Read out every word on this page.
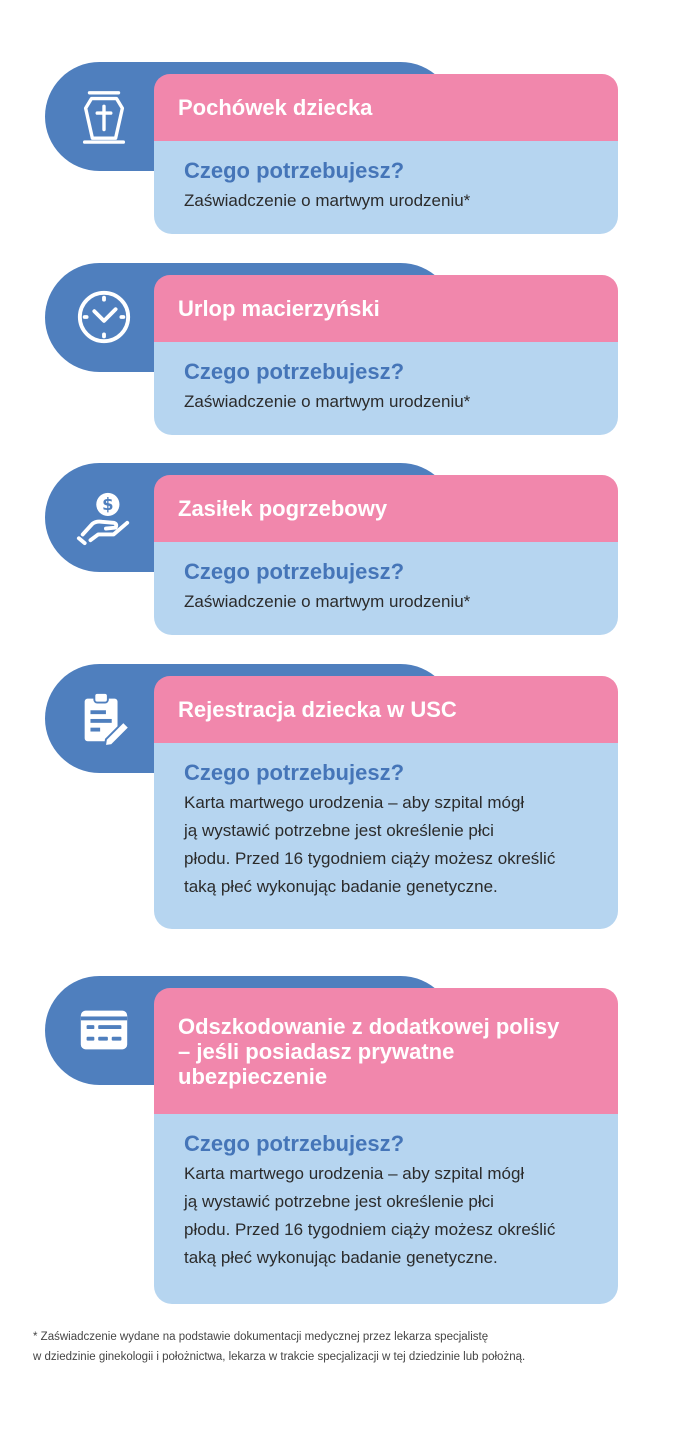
Pochówek dziecka
Czego potrzebujesz?
Zaświadczenie o martwym urodzeniu*
Urlop macierzyński
Czego potrzebujesz?
Zaświadczenie o martwym urodzeniu*
$	Zasiłek pogrzebowy
Czego potrzebujesz?
Zaświadczenie o martwym urodzeniu*
Rejestracja dziecka w USC
Czego potrzebujesz?
Karta martwego urodzenia – aby szpital mógł
ją wystawić potrzebne jest określenie płci
płodu. Przed 16 tygodniem ciąży możesz określić
taką płeć wykonując badanie genetyczne.
Odszkodowanie z dodatkowej polisy
– jeśli posiadasz prywatne
ubezpieczenie
Czego potrzebujesz?
Karta martwego urodzenia – aby szpital mógł
ją wystawić potrzebne jest określenie płci
płodu. Przed 16 tygodniem ciąży możesz określić
taką płeć wykonując badanie genetyczne.
* Zaświadczenie wydane na podstawie dokumentacji medycznej przez lekarza specjalistę
w dziedzinie ginekologii i położnictwa, lekarza w trakcie specjalizacji w tej dziedzinie lub położną.
